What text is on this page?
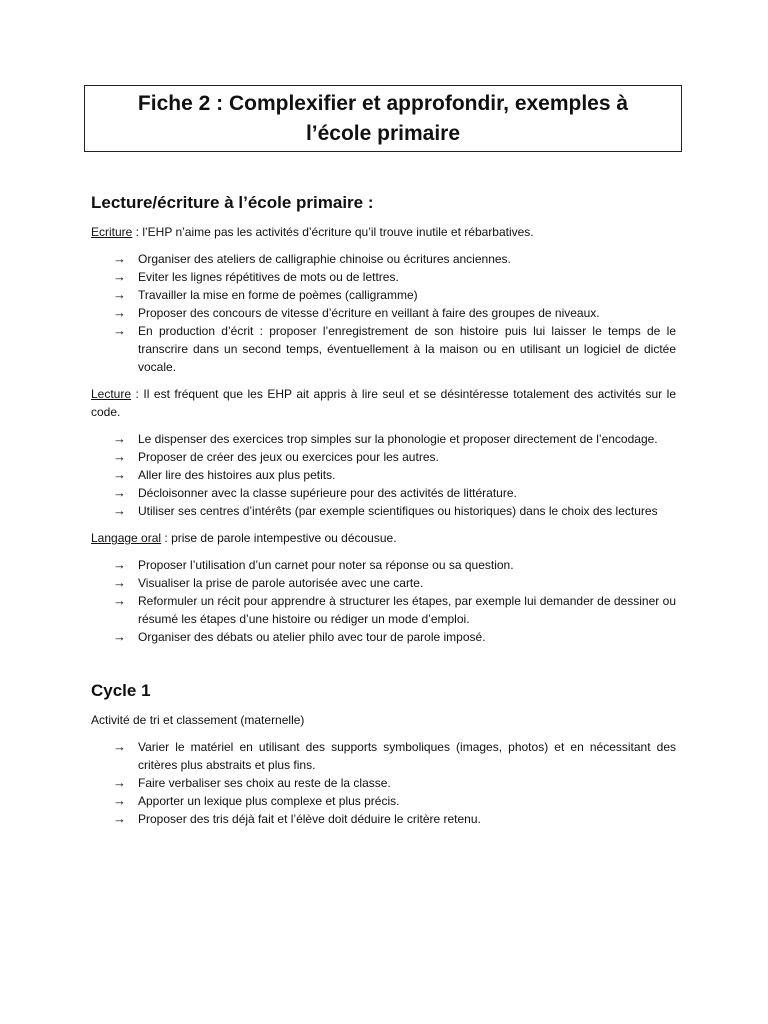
Fiche 2 : Complexifier et approfondir, exemples à
l’école primaire
Lecture/écriture à l’école primaire :

Ecriture : l’EHP n’aime pas les activités d’écriture qu’il trouve inutile et rébarbatives.

→ Organiser des ateliers de calligraphie chinoise ou écritures anciennes.
→ Eviter les lignes répétitives de mots ou de lettres.
→ Travailler la mise en forme de poèmes (calligramme)
→ Proposer des concours de vitesse d’écriture en veillant à faire des groupes de niveaux.
→ En production d’écrit : proposer l’enregistrement de son histoire puis lui laisser le temps de le transcrire dans un second temps, éventuellement à la maison ou en utilisant un logiciel de dictée vocale.

Lecture : Il est fréquent que les EHP ait appris à lire seul et se désintéresse totalement des activités sur le code.

→ Le dispenser des exercices trop simples sur la phonologie et proposer directement de l’encodage.
→ Proposer de créer des jeux ou exercices pour les autres.
→ Aller lire des histoires aux plus petits.
→ Décloisonner avec la classe supérieure pour des activités de littérature.
→ Utiliser ses centres d’intérêts (par exemple scientifiques ou historiques) dans le choix des lectures

Langage oral : prise de parole intempestive ou décousue.

→ Proposer l’utilisation d’un carnet pour noter sa réponse ou sa question.
→ Visualiser la prise de parole autorisée avec une carte.
→ Reformuler un récit pour apprendre à structurer les étapes, par exemple lui demander de dessiner ou résumé les étapes d’une histoire ou rédiger un mode d’emploi.
→ Organiser des débats ou atelier philo avec tour de parole imposé.
Cycle 1

Activité de tri et classement (maternelle)

→ Varier le matériel en utilisant des supports symboliques (images, photos) et en nécessitant des critères plus abstraits et plus fins.
→ Faire verbaliser ses choix au reste de la classe.
→ Apporter un lexique plus complexe et plus précis.
→ Proposer des tris déjà fait et l’élève doit déduire le critère retenu.
